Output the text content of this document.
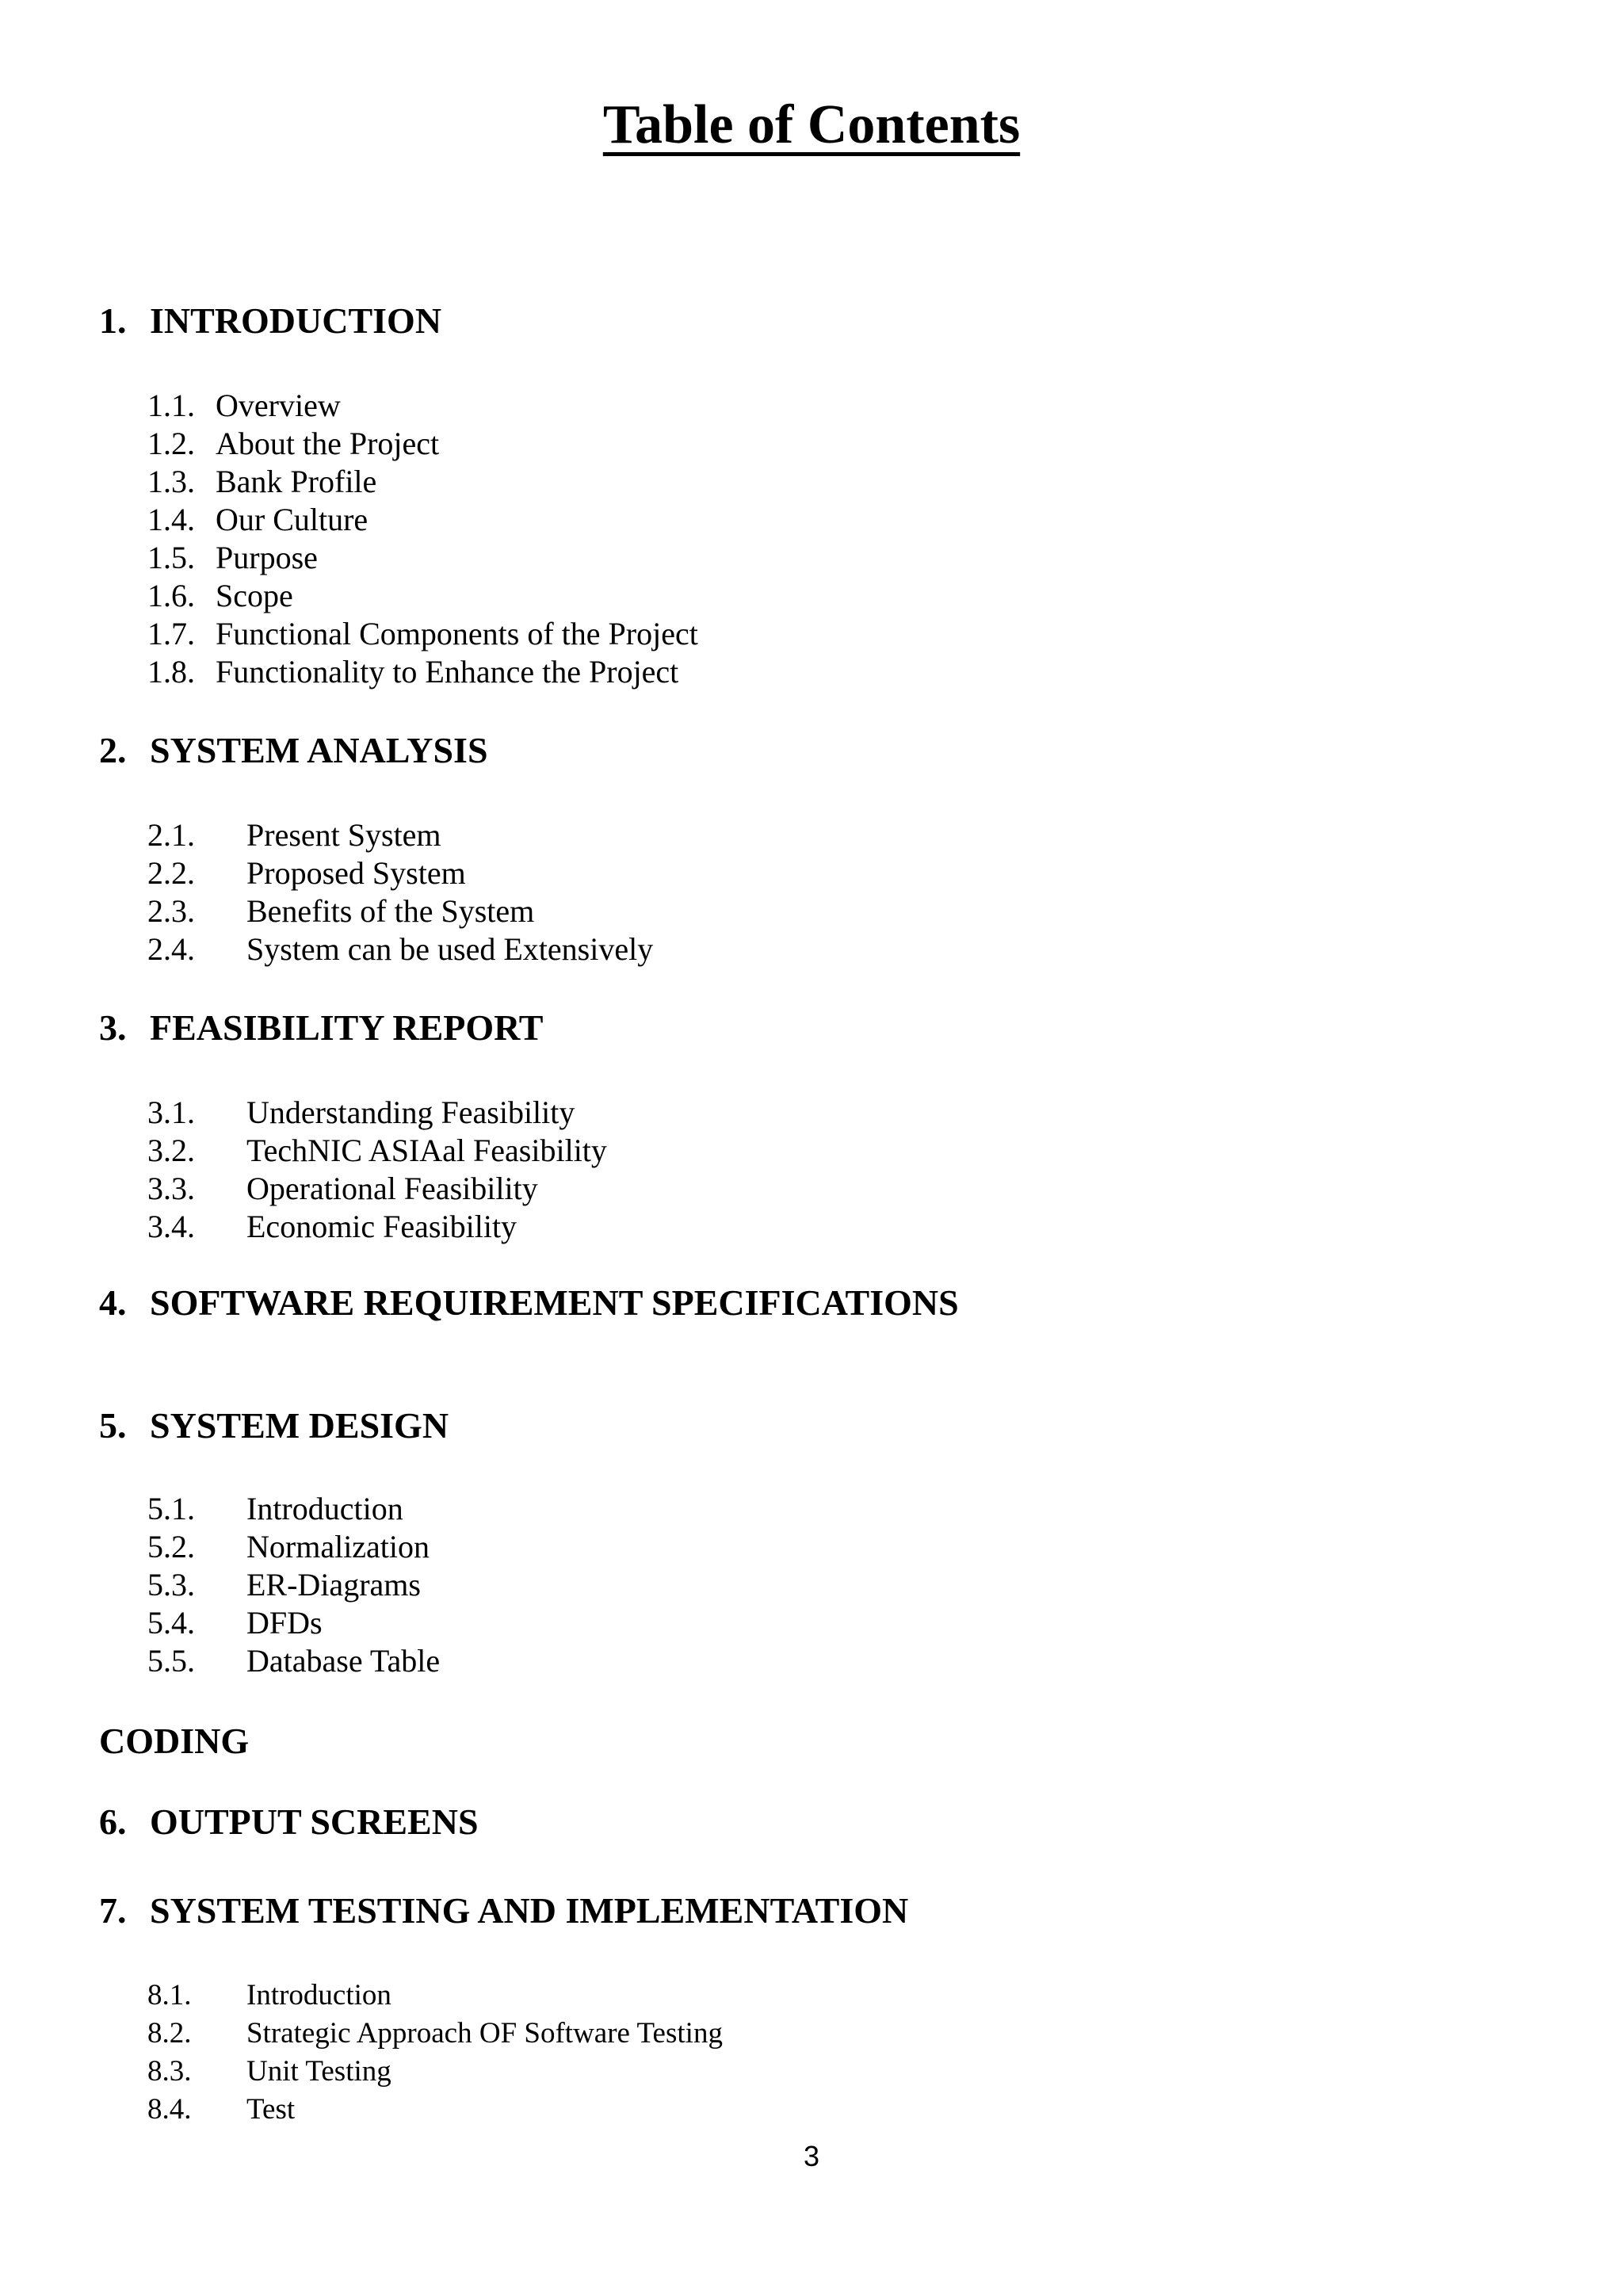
Table of Contents
1. INTRODUCTION
1.1. Overview
1.2. About the Project
1.3. Bank Profile
1.4. Our Culture
1.5. Purpose
1.6. Scope
1.7. Functional Components of the Project
1.8. Functionality to Enhance the Project
2. SYSTEM ANALYSIS
2.1. Present System
2.2. Proposed System
2.3. Benefits of the System
2.4. System can be used Extensively
3. FEASIBILITY REPORT
3.1. Understanding Feasibility
3.2. TechNIC ASIAal Feasibility
3.3. Operational Feasibility
3.4. Economic Feasibility
4. SOFTWARE REQUIREMENT SPECIFICATIONS
5. SYSTEM DESIGN
5.1. Introduction
5.2. Normalization
5.3. ER-Diagrams
5.4. DFDs
5.5. Database Table
CODING
6. OUTPUT SCREENS
7. SYSTEM TESTING AND IMPLEMENTATION
8.1. Introduction
8.2. Strategic Approach OF Software Testing
8.3. Unit Testing
8.4. Test
3
